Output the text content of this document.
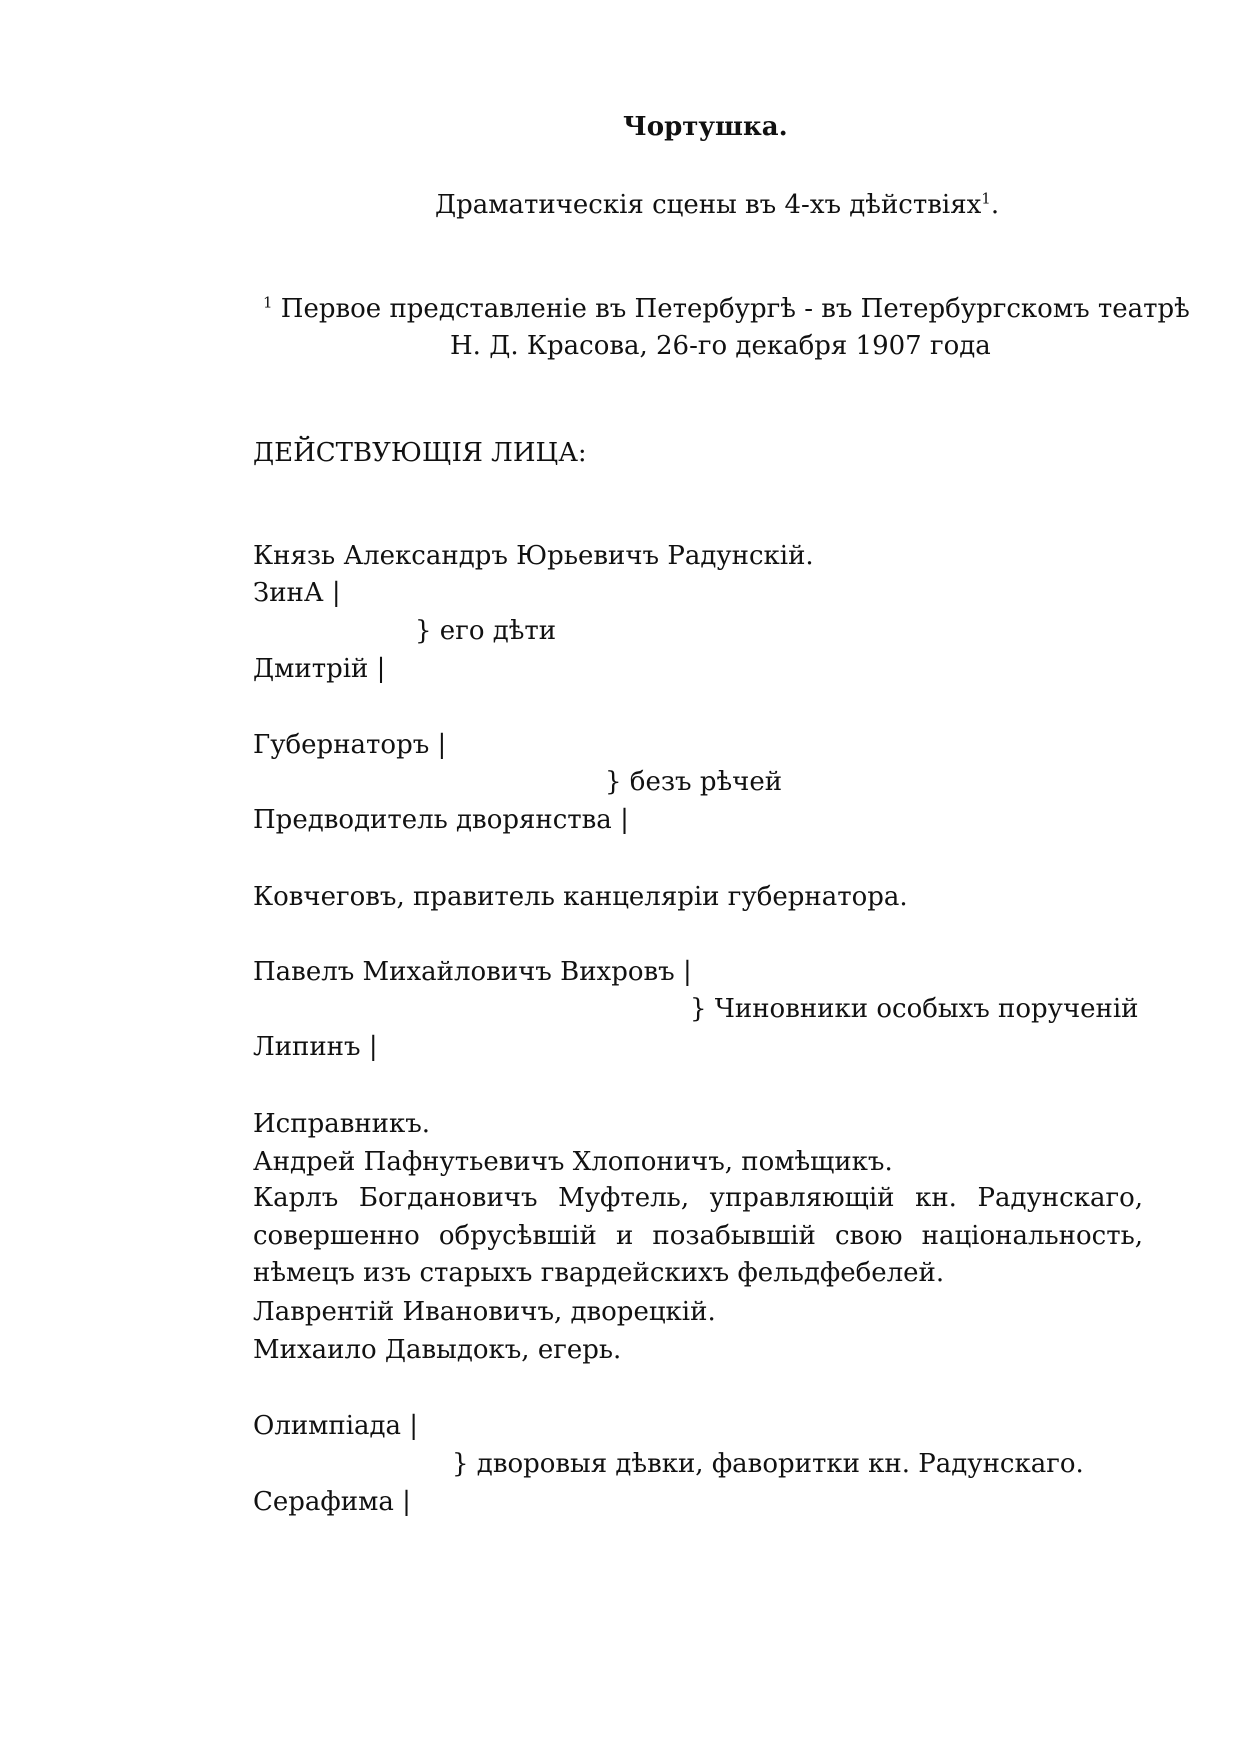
Чортушка.
Драматическія сцены въ 4-хъ дѣйствіях$^1$.
$^1$ Первое представленіе въ Петербургѣ - въ Петербургскомъ театрѣ
Н. Д. Красова, 26-го декабря 1907 года
ДЕЙСТВУЮЩІЯ ЛИЦА:
Князь Александръ Юрьевичъ Радунскій.
ЗинА |
} его дѣти
Дмитрій |
Губернаторъ |
} безъ рѣчей
Предводитель дворянства |
Ковчеговъ, правитель канцеляріи губернатора.
Павелъ Михайловичъ Вихровъ |
} Чиновники особыхъ порученій
Липинъ |
Исправникъ.
Андрей Пафнутьевичъ Хлопоничъ, помѣщикъ.
Карлъ Богдановичъ Муфтель, управляющій кн. Радунскаго, совершенно обрусѣвшій и позабывшій свою національность, нѣмецъ изъ старыхъ гвардейскихъ фельдфебелей.
Лаврентій Ивановичъ, дворецкій.
Михаило Давыдокъ, егерь.
Олимпіада |
} дворовыя дѣвки, фаворитки кн. Радунскаго.
Серафима |
